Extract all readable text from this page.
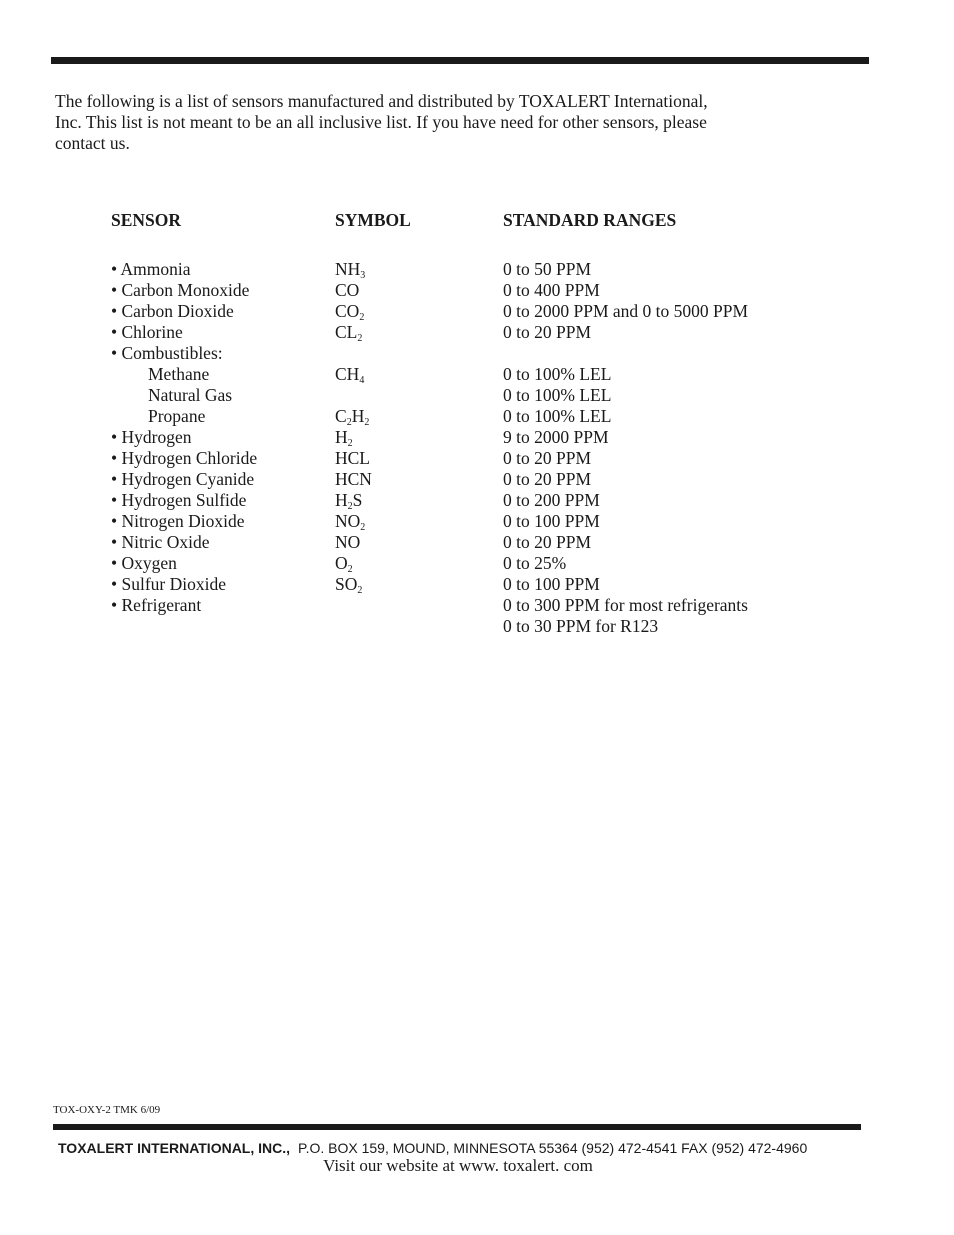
The following is a list of sensors manufactured and distributed by TOXALERT International,
Inc. This list is not meant to be an all inclusive list. If you have need for other sensors, please
contact us.
SENSOR	SYMBOL	STANDARD RANGES
• Ammonia
• Carbon Monoxide
• Carbon Dioxide
• Chlorine
• Combustibles:
Methane
Natural Gas
Propane
• Hydrogen
• Hydrogen Chloride
• Hydrogen Cyanide
• Hydrogen Sulfide
• Nitrogen Dioxide
• Nitric Oxide
• Oxygen
• Sulfur Dioxide
• Refrigerant
$NH_3$
CO
$CO_2$
$CL_2$
$CH_4$
$C_2H_2$
$H_2$
HCL
HCN
$H_2S$
$NO_2$
NO
$O_2$
$SO_2$
0 to 50 PPM
0 to 400 PPM
0 to 2000 PPM and 0 to 5000 PPM
0 to 20 PPM
0 to 100% LEL
0 to 100% LEL
0 to 100% LEL
9 to 2000 PPM
0 to 20 PPM
0 to 20 PPM
0 to 200 PPM
0 to 100 PPM
0 to 20 PPM
0 to 25%
0 to 100 PPM
0 to 300 PPM for most refrigerants
0 to 30 PPM for R123
TOX-OXY-2 TMK 6/09
TOXALERT INTERNATIONAL, INC., P.O. BOX 159, MOUND, MINNESOTA 55364 (952) 472-4541 FAX (952) 472-4960
Visit our website at www. toxalert. com
